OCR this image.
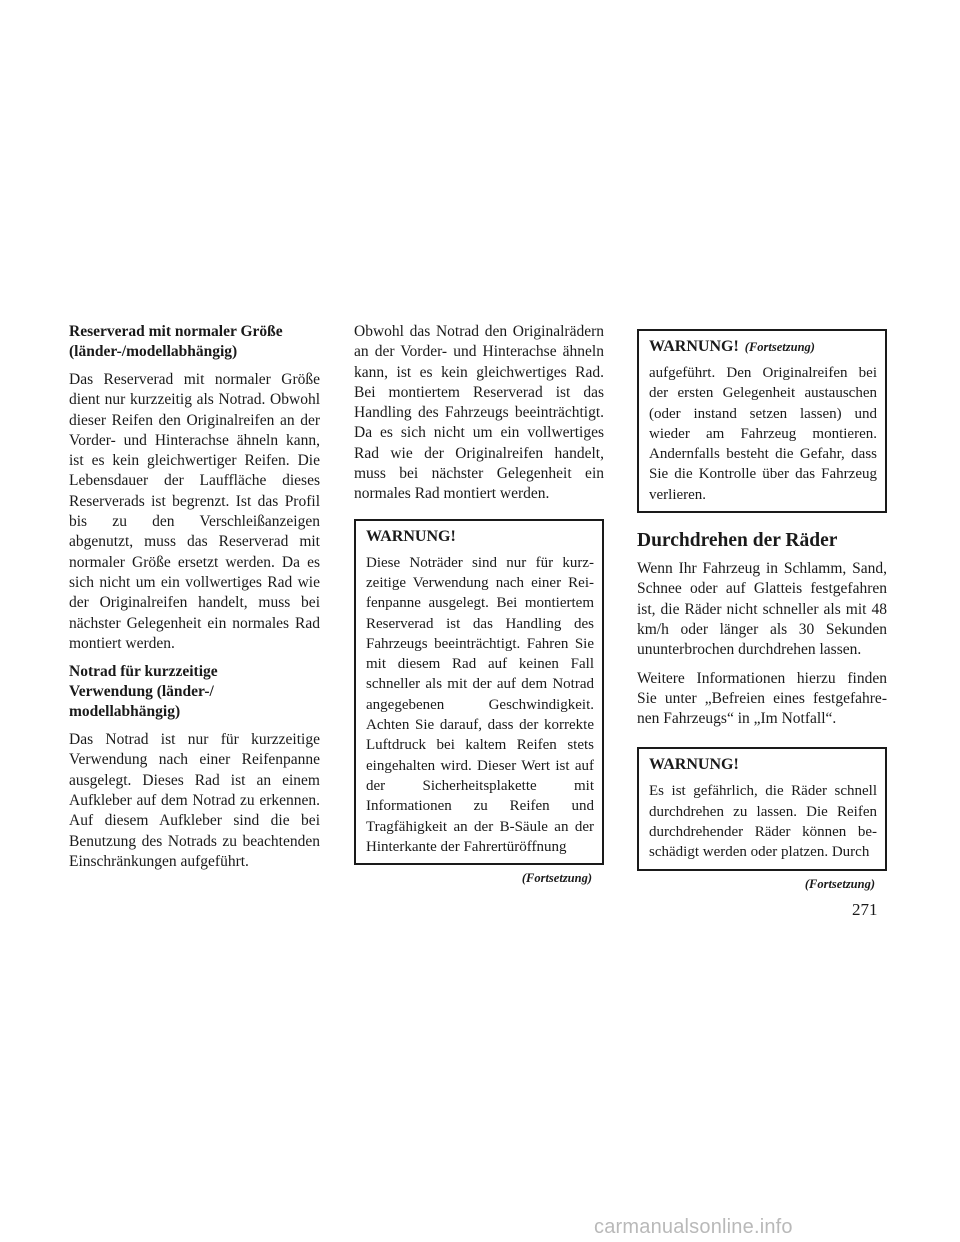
Reserverad mit normaler Größe
(länder-/modellabhängig)

Das Reserverad mit normaler Größe dient nur kurzzeitig als Notrad. Obwohl dieser Reifen den Originalreifen an der Vorder- und Hinterachse ähneln kann, ist es kein gleichwertiger Reifen. Die Lebensdauer der Lauffläche dieses Reserverads ist begrenzt. Ist das Profil bis zu den Verschleißanzeigen abgenutzt, muss das Reserverad mit normaler Größe ersetzt werden. Da es sich nicht um ein vollwertiges Rad wie der Originalreifen handelt, muss bei nächster Gelegenheit ein normales Rad montiert werden.

Notrad für kurzzeitige
Verwendung (länder-/
modellabhängig)

Das Notrad ist nur für kurzzeitige Verwendung nach einer Reifenpanne ausgelegt. Dieses Rad ist an einem Aufkleber auf dem Notrad zu erkennen. Auf diesem Aufkleber sind die bei Benutzung des Notrads zu beachtenden Einschränkungen aufgeführt.

Obwohl das Notrad den Originalrädern an der Vorder- und Hinterachse ähneln kann, ist es kein gleichwertiges Rad. Bei montiertem Reserverad ist das Handling des Fahrzeugs beeinträchtigt. Da es sich nicht um ein vollwertiges Rad wie der Originalreifen handelt, muss bei nächster Gelegenheit ein normales Rad montiert werden.

WARNUNG!

Diese Noträder sind nur für kurzzeitige Verwendung nach einer Reifenpanne ausgelegt. Bei montiertem Reserverad ist das Handling des Fahrzeugs beeinträchtigt. Fahren Sie mit diesem Rad auf keinen Fall schneller als mit der auf dem Notrad angegebenen Geschwindigkeit. Achten Sie darauf, dass der korrekte Luftdruck bei kaltem Reifen stets eingehalten wird. Dieser Wert ist auf der Sicherheitsplakette mit Informationen zu Reifen und Tragfähigkeit an der B-Säule an der Hinterkante der Fahrertüröffnung

(Fortsetzung)
WARNUNG! (Fortsetzung)

aufgeführt. Den Originalreifen bei der ersten Gelegenheit austauschen (oder instand setzen lassen) und wieder am Fahrzeug montieren. Andernfalls besteht die Gefahr, dass Sie die Kontrolle über das Fahrzeug verlieren.

Durchdrehen der Räder

Wenn Ihr Fahrzeug in Schlamm, Sand, Schnee oder auf Glatteis festgefahren ist, die Räder nicht schneller als mit 48 km/h oder länger als 30 Sekunden ununterbrochen durchdrehen lassen.

Weitere Informationen hierzu finden Sie unter „Befreien eines festgefahrenen Fahrzeugs“ in „Im Notfall“.

WARNUNG!

Es ist gefährlich, die Räder schnell durchdrehen zu lassen. Die Reifen durchdrehender Räder können beschädigt werden oder platzen. Durch

(Fortsetzung)
271
carmanualsonline.info
